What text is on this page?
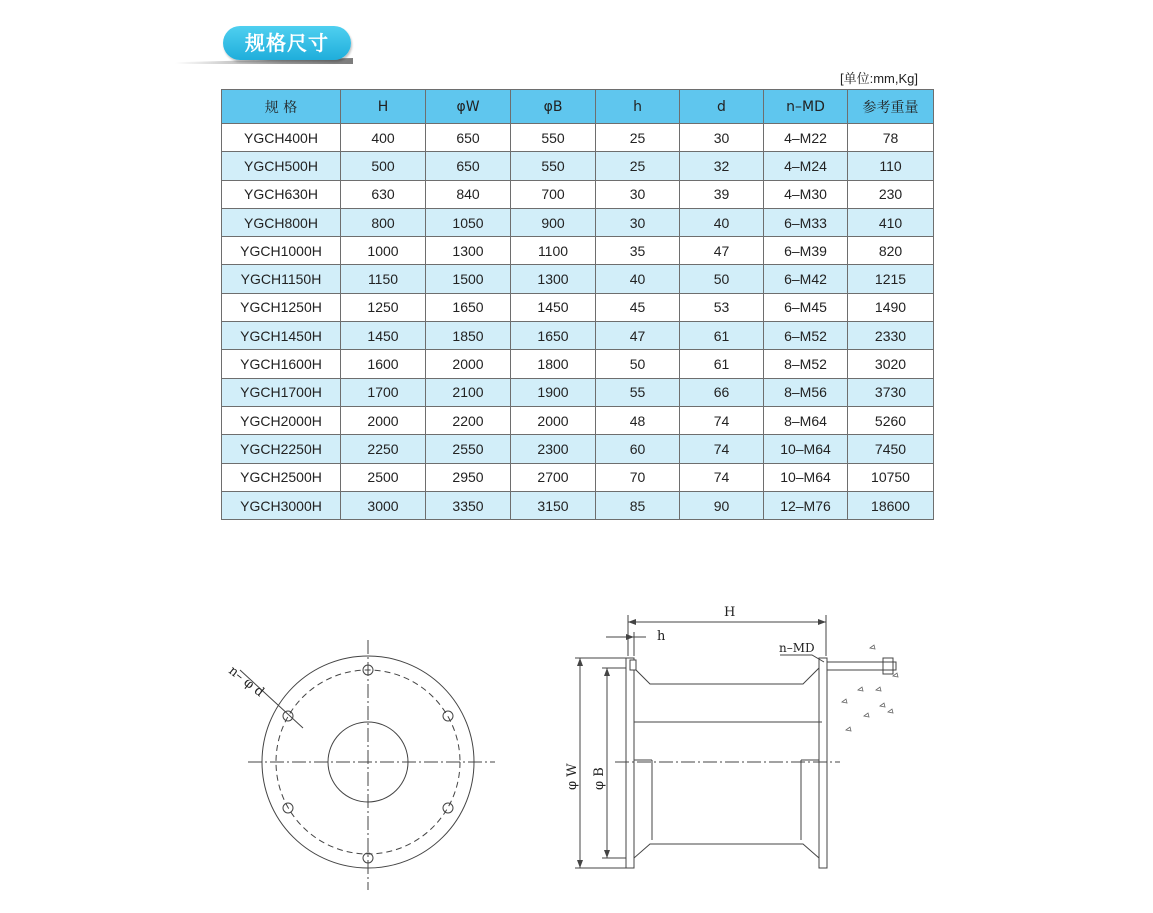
规格尺寸
[单位:mm,Kg]
规 格	H	φW	φB	h	d	n–MD	参考重量
YGCH400H	400	650	550	25	30	4–M22	78
YGCH500H	500	650	550	25	32	4–M24	110
YGCH630H	630	840	700	30	39	4–M30	230
YGCH800H	800	1050	900	30	40	6–M33	410
YGCH1000H	1000	1300	1100	35	47	6–M39	820
YGCH1150H	1150	1500	1300	40	50	6–M42	1215
YGCH1250H	1250	1650	1450	45	53	6–M45	1490
YGCH1450H	1450	1850	1650	47	61	6–M52	2330
YGCH1600H	1600	2000	1800	50	61	8–M52	3020
YGCH1700H	1700	2100	1900	55	66	8–M56	3730
YGCH2000H	2000	2200	2000	48	74	8–M64	5260
YGCH2250H	2250	2550	2300	60	74	10–M64	7450
YGCH2500H	2500	2950	2700	70	74	10–M64	10750
YGCH3000H	3000	3350	3150	85	90	12–M76	18600
n– φ d
H
h
n–MD
φ W φ B
